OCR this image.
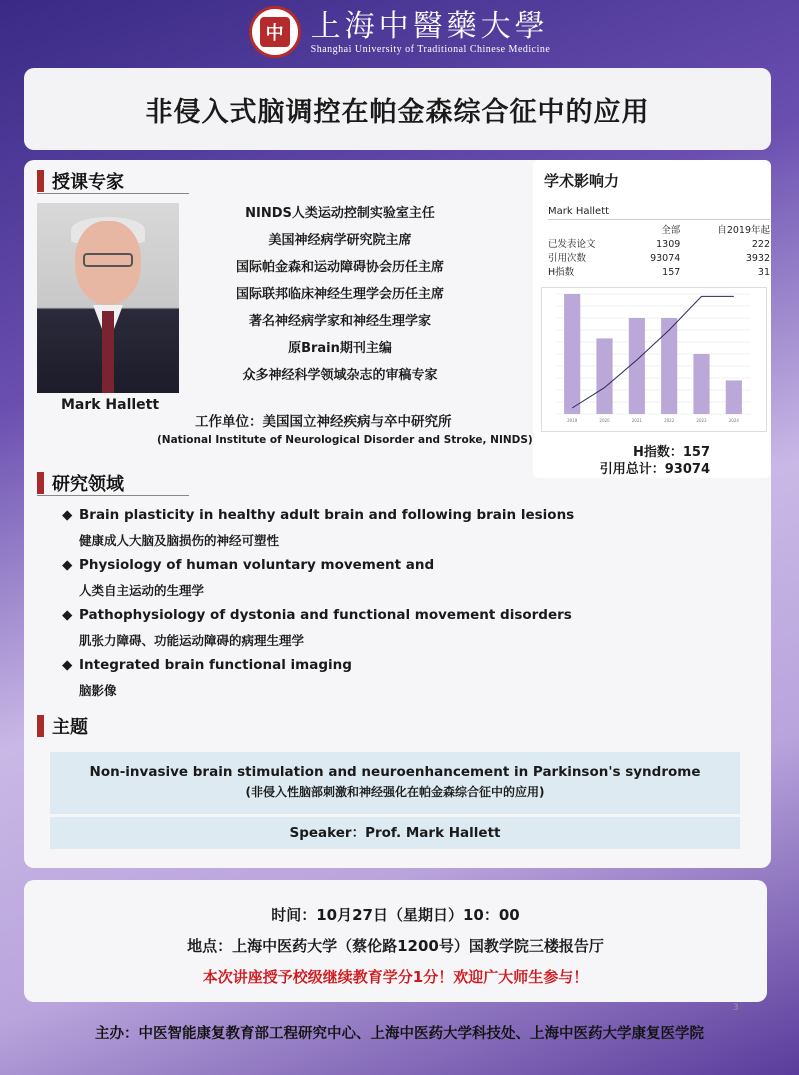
中 上海中醫藥大學
Shanghai University of Traditional Chinese Medicine
非侵入式脑调控在帕金森综合征中的应用
授课专家
Mark Hallett
NINDS人类运动控制实验室主任
美国神经病学研究院主席
国际帕金森和运动障碍协会历任主席
国际联邦临床神经生理学会历任主席
著名神经病学家和神经生理学家
原Brain期刊主编
众多神经科学领域杂志的审稿专家
工作单位：美国国立神经疾病与卒中研究所
(National Institute of Neurological Disorder and Stroke, NINDS)
学术影响力
Mark Hallett
	全部	自2019年起
已发表论文	1309	222
引用次数	93074	3932
H指数	157	31
2019	2020	2021	2022	2023	2024
H指数：157
引用总计：93074
研究领域
◆ Brain plasticity in healthy adult brain and following brain lesions
健康成人大脑及脑损伤的神经可塑性
◆ Physiology of human voluntary movement and
人类自主运动的生理学
◆ Pathophysiology of dystonia and functional movement disorders
肌张力障碍、功能运动障碍的病理生理学
◆ Integrated brain functional imaging
脑影像
主题
Non-invasive brain stimulation and neuroenhancement in Parkinson's syndrome
(非侵入性脑部刺激和神经强化在帕金森综合征中的应用)
Speaker：Prof. Mark Hallett
时间：10月27日（星期日）10：00
地点：上海中医药大学（蔡伦路1200号）国教学院三楼报告厅
本次讲座授予校级继续教育学分1分！欢迎广大师生参与！
3
主办：中医智能康复教育部工程研究中心、上海中医药大学科技处、上海中医药大学康复医学院
